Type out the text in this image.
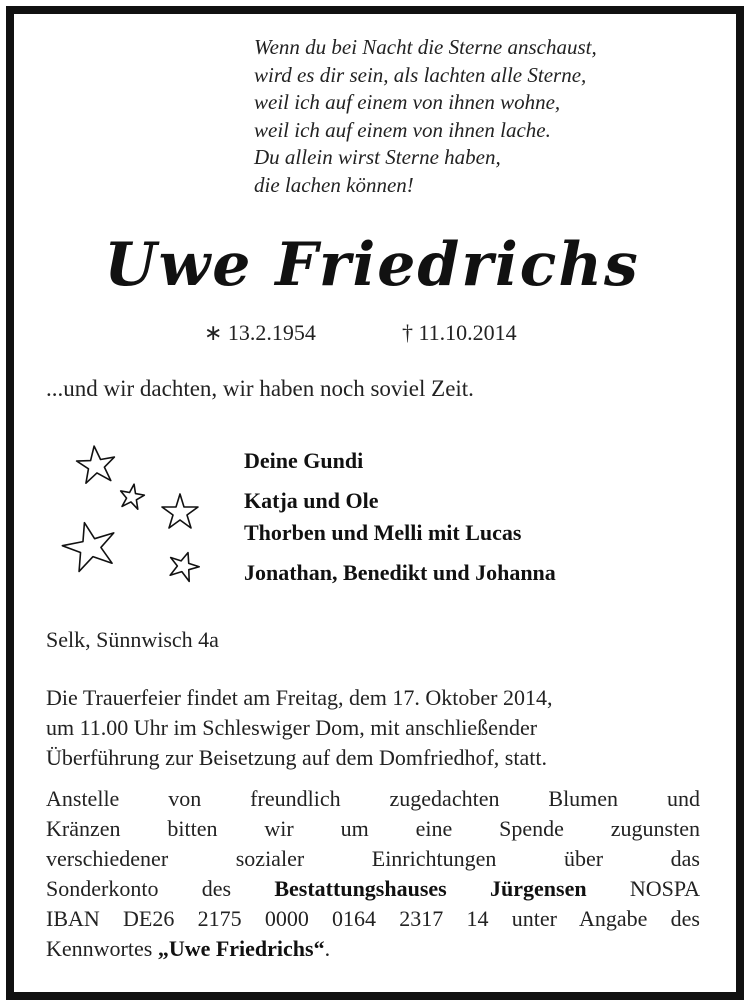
Wenn du bei Nacht die Sterne anschaust,
wird es dir sein, als lachten alle Sterne,
weil ich auf einem von ihnen wohne,
weil ich auf einem von ihnen lache.
Du allein wirst Sterne haben,
die lachen können!
Uwe Friedrichs
∗ 13.2.1954	† 11.10.2014
...und wir dachten, wir haben noch soviel Zeit.
Deine Gundi
Katja und Ole
Thorben und Melli mit Lucas
Jonathan, Benedikt und Johanna
Selk, Sünnwisch 4a
Die Trauerfeier findet am Freitag, dem 17. Oktober 2014,
um 11.00 Uhr im Schleswiger Dom, mit anschließender
Überführung zur Beisetzung auf dem Domfriedhof, statt.
Anstelle von freundlich zugedachten Blumen und
Kränzen bitten wir um eine Spende zugunsten
verschiedener sozialer Einrichtungen über das
Sonderkonto des Bestattungshauses Jürgensen NOSPA
IBAN DE26 2175 0000 0164 2317 14 unter Angabe des
Kennwortes „Uwe Friedrichs“.
